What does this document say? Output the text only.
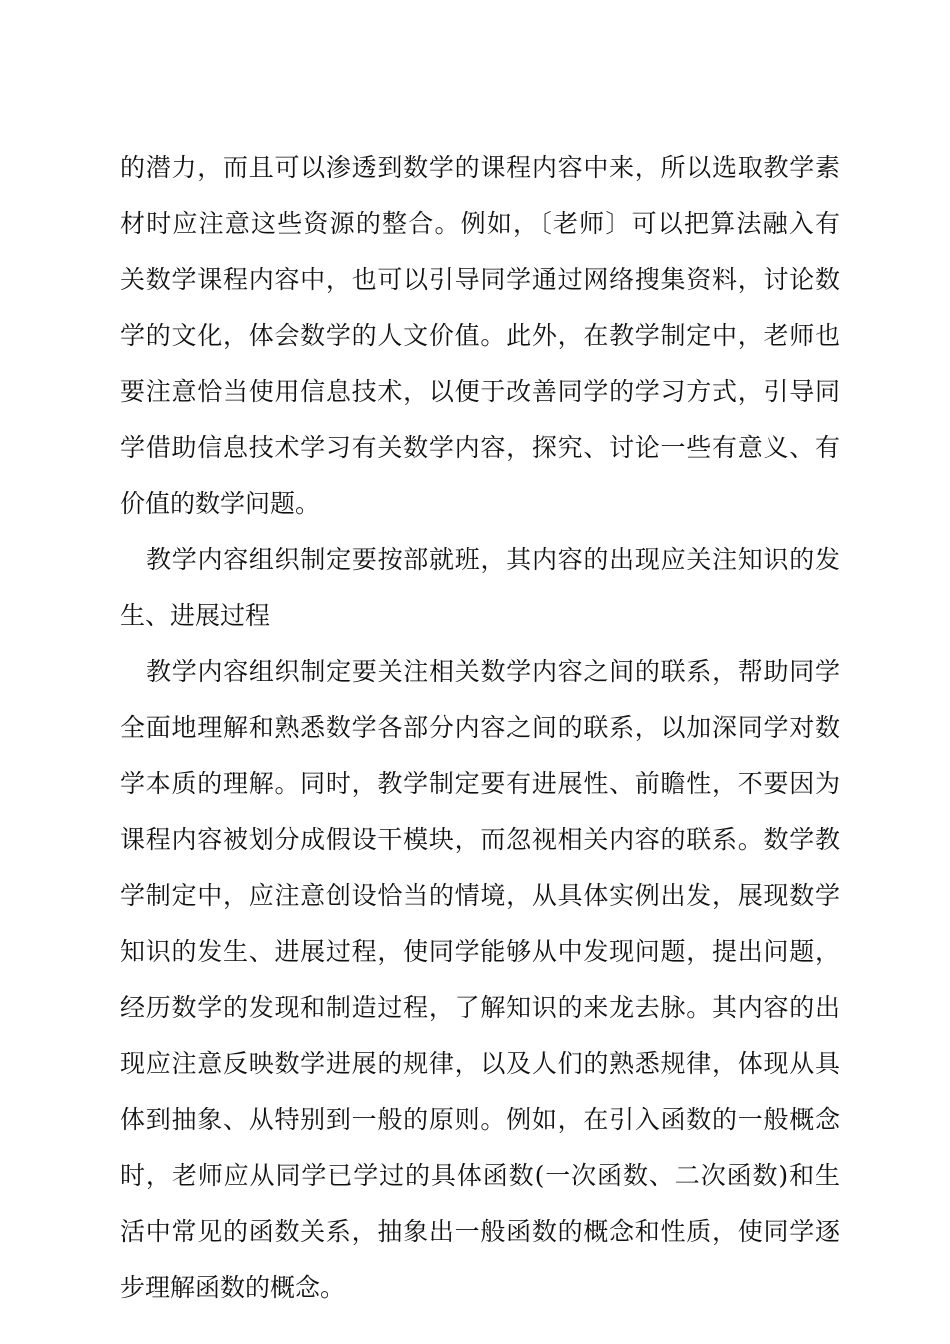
的潜力，而且可以渗透到数学的课程内容中来，所以选取教学素
材时应注意这些资源的整合。例如，〔老师〕可以把算法融入有
关数学课程内容中，也可以引导同学通过网络搜集资料，讨论数
学的文化，体会数学的人文价值。此外，在教学制定中，老师也
要注意恰当使用信息技术，以便于改善同学的学习方式，引导同
学借助信息技术学习有关数学内容，探究、讨论一些有意义、有
价值的数学问题。
教学内容组织制定要按部就班，其内容的出现应关注知识的发
生、进展过程
教学内容组织制定要关注相关数学内容之间的联系，帮助同学
全面地理解和熟悉数学各部分内容之间的联系，以加深同学对数
学本质的理解。同时，教学制定要有进展性、前瞻性，不要因为
课程内容被划分成假设干模块，而忽视相关内容的联系。数学教
学制定中，应注意创设恰当的情境，从具体实例出发，展现数学
知识的发生、进展过程，使同学能够从中发现问题，提出问题，
经历数学的发现和制造过程，了解知识的来龙去脉。其内容的出
现应注意反映数学进展的规律，以及人们的熟悉规律，体现从具
体到抽象、从特别到一般的原则。例如，在引入函数的一般概念
时，老师应从同学已学过的具体函数(一次函数、二次函数)和生
活中常见的函数关系，抽象出一般函数的概念和性质，使同学逐
步理解函数的概念。
